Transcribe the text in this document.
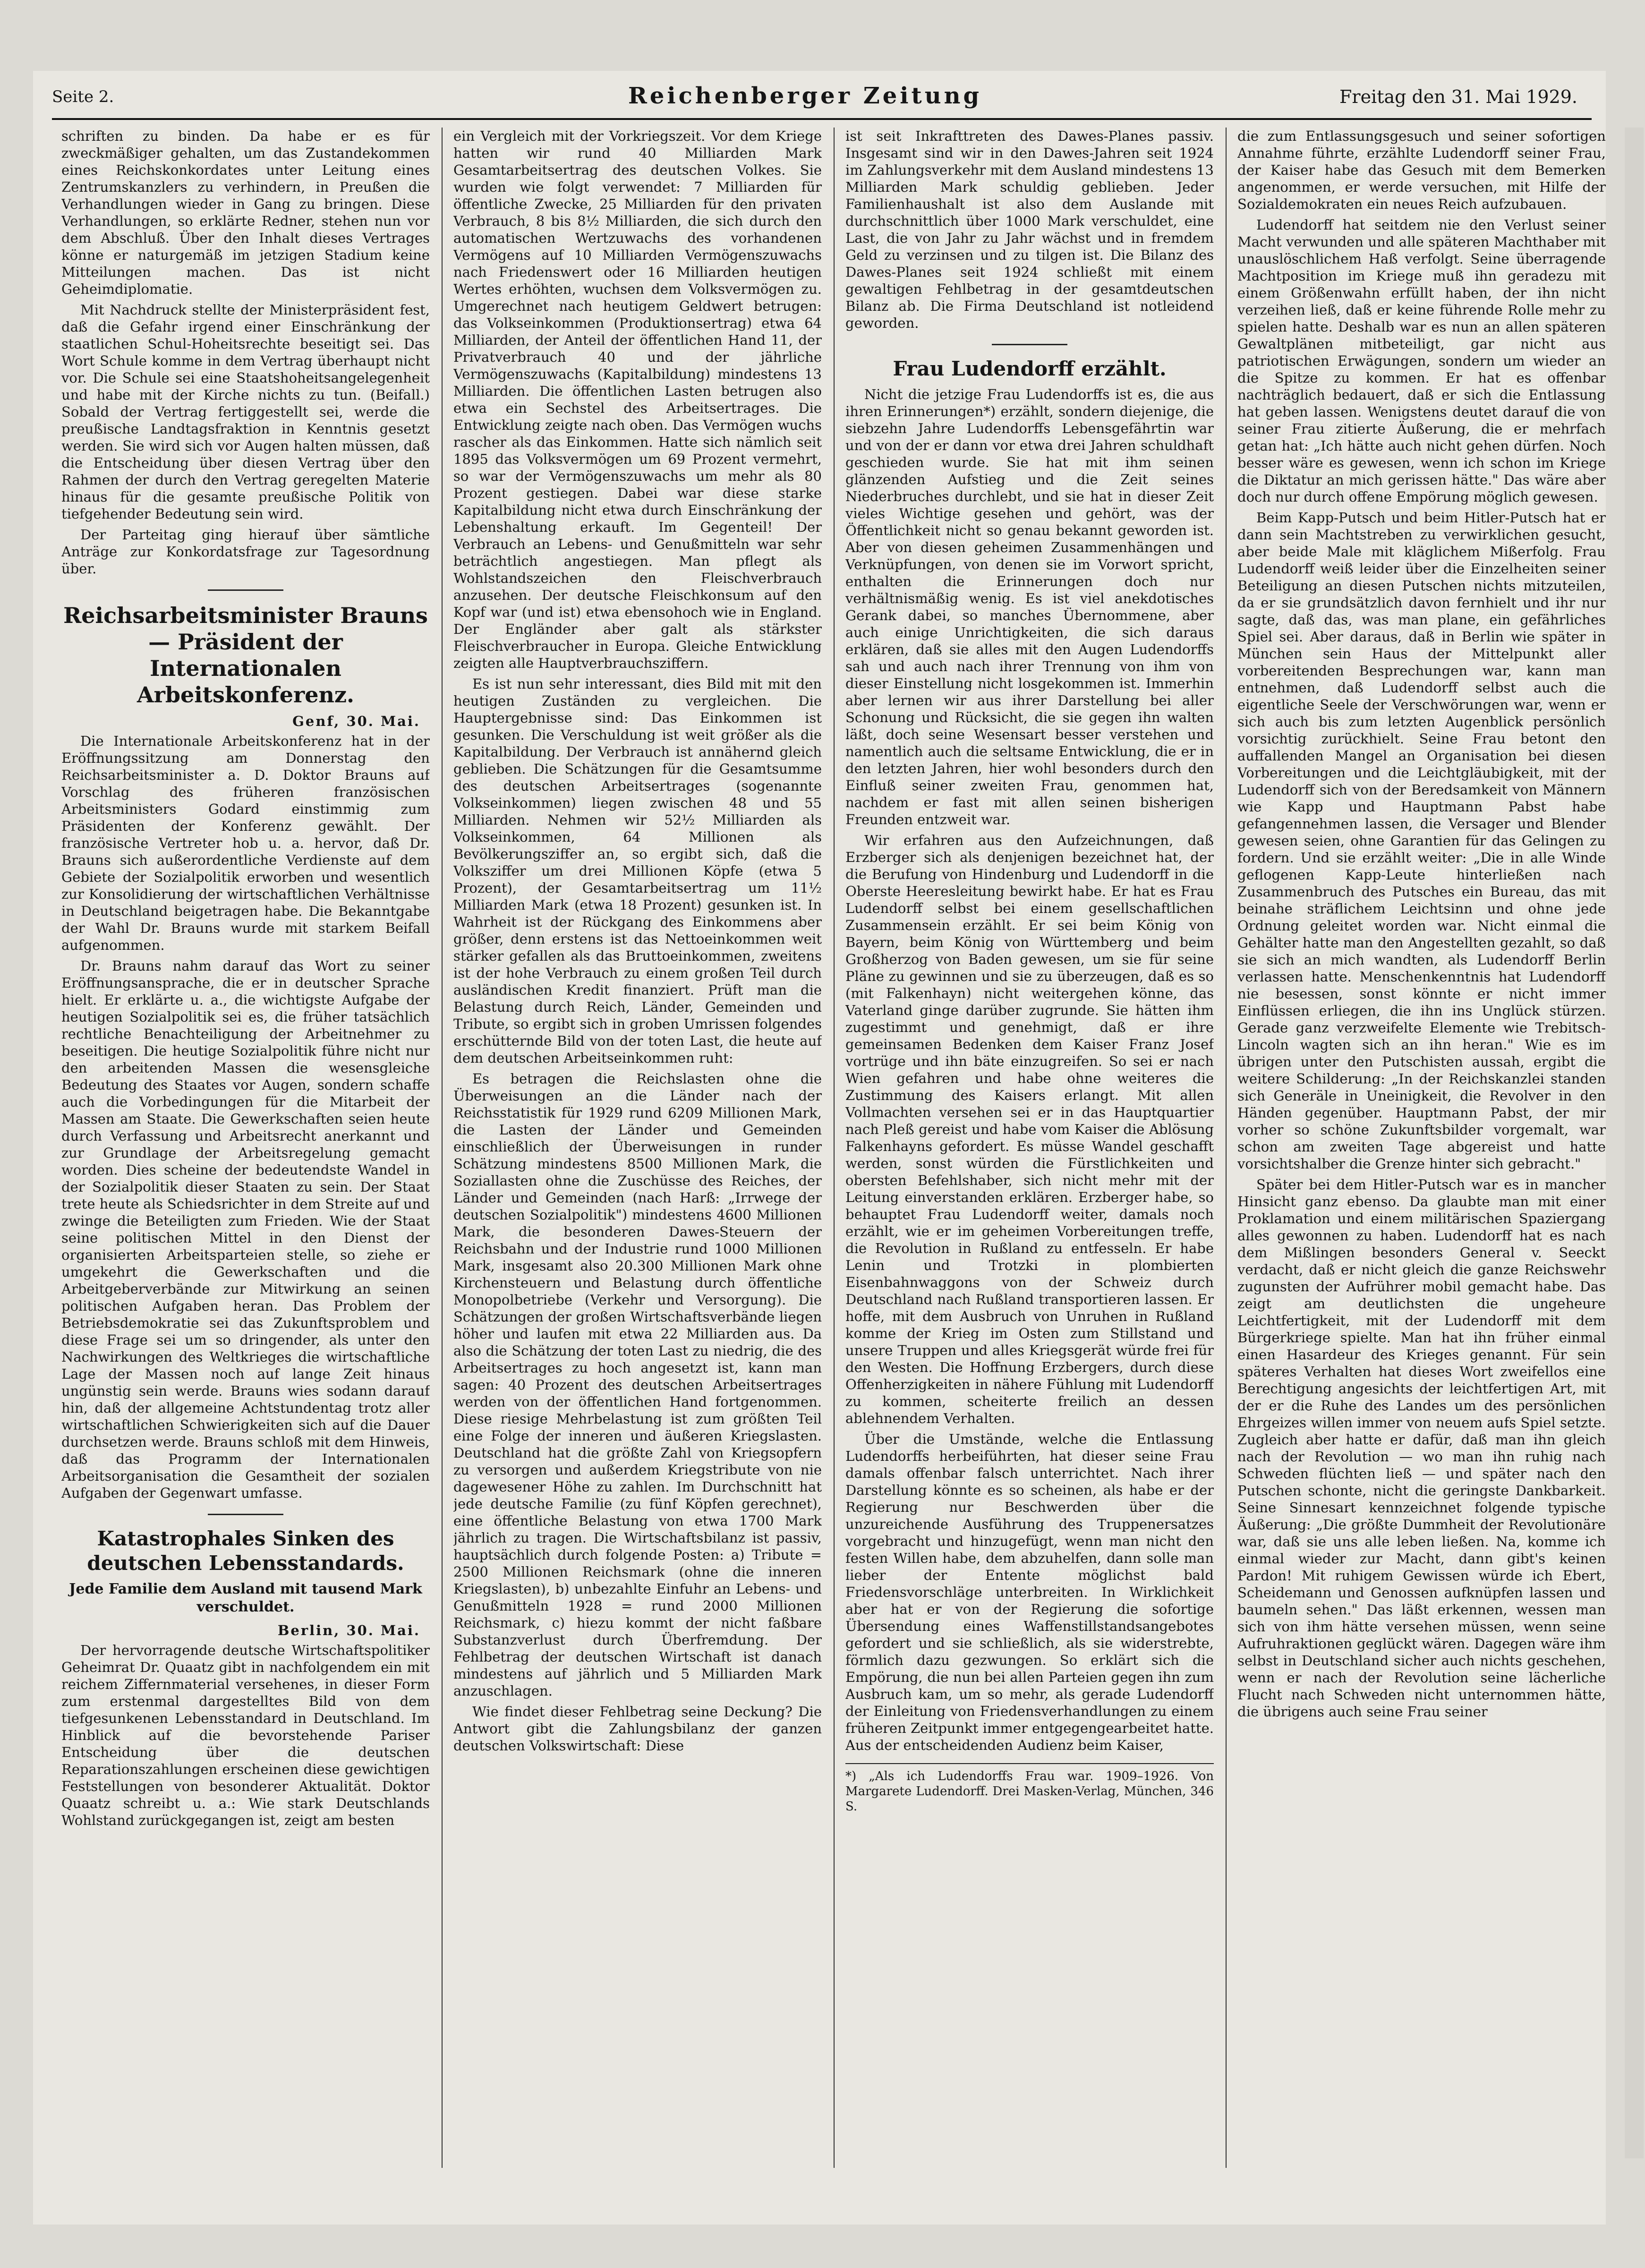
Seite 2.	Reichenberger Zeitung	Freitag den 31. Mai 1929.

schriften zu binden. Da habe er es für zweckmäßiger gehalten, um das Zustandekommen eines Reichskonkordates unter Leitung eines Zentrumskanzlers zu verhindern, in Preußen die Verhandlungen wieder in Gang zu bringen. Diese Verhandlungen, so erklärte Redner, stehen nun vor dem Abschluß. Über den Inhalt dieses Vertrages könne er naturgemäß im jetzigen Stadium keine Mitteilungen machen. Das ist nicht Geheimdiplomatie.

Mit Nachdruck stellte der Ministerpräsident fest, daß die Gefahr irgend einer Einschränkung der staatlichen Schul-Hoheitsrechte beseitigt sei. Das Wort Schule komme in dem Vertrag überhaupt nicht vor. Die Schule sei eine Staatshoheitsangelegenheit und habe mit der Kirche nichts zu tun. (Beifall.) Sobald der Vertrag fertiggestellt sei, werde die preußische Landtagsfraktion in Kenntnis gesetzt werden. Sie wird sich vor Augen halten müssen, daß die Entscheidung über diesen Vertrag über den Rahmen der durch den Vertrag geregelten Materie hinaus für die gesamte preußische Politik von tiefgehender Bedeutung sein wird.

Der Parteitag ging hierauf über sämtliche Anträge zur Konkordatsfrage zur Tagesordnung über.

Reichsarbeitsminister Brauns — Präsident der Internationalen Arbeitskonferenz.
Genf, 30. Mai.

Die Internationale Arbeitskonferenz hat in der Eröffnungssitzung am Donnerstag den Reichsarbeitsminister a. D. Doktor Brauns auf Vorschlag des früheren französischen Arbeitsministers Godard einstimmig zum Präsidenten der Konferenz gewählt. Der französische Vertreter hob u. a. hervor, daß Dr. Brauns sich außerordentliche Verdienste auf dem Gebiete der Sozialpolitik erworben und wesentlich zur Konsolidierung der wirtschaftlichen Verhältnisse in Deutschland beigetragen habe. Die Bekanntgabe der Wahl Dr. Brauns wurde mit starkem Beifall aufgenommen.

Dr. Brauns nahm darauf das Wort zu seiner Eröffnungsansprache, die er in deutscher Sprache hielt. Er erklärte u. a., die wichtigste Aufgabe der heutigen Sozialpolitik sei es, die früher tatsächlich rechtliche Benachteiligung der Arbeitnehmer zu beseitigen. Die heutige Sozialpolitik führe nicht nur den arbeitenden Massen die wesensgleiche Bedeutung des Staates vor Augen, sondern schaffe auch die Vorbedingungen für die Mitarbeit der Massen am Staate. Die Gewerkschaften seien heute durch Verfassung und Arbeitsrecht anerkannt und zur Grundlage der Arbeitsregelung gemacht worden. Dies scheine der bedeutendste Wandel in der Sozialpolitik dieser Staaten zu sein. Der Staat trete heute als Schiedsrichter in dem Streite auf und zwinge die Beteiligten zum Frieden. Wie der Staat seine politischen Mittel in den Dienst der organisierten Arbeitsparteien stelle, so ziehe er umgekehrt die Gewerkschaften und die Arbeitgeberverbände zur Mitwirkung an seinen politischen Aufgaben heran. Das Problem der Betriebsdemokratie sei das Zukunftsproblem und diese Frage sei um so dringender, als unter den Nachwirkungen des Weltkrieges die wirtschaftliche Lage der Massen noch auf lange Zeit hinaus ungünstig sein werde. Brauns wies sodann darauf hin, daß der allgemeine Achtstundentag trotz aller wirtschaftlichen Schwierigkeiten sich auf die Dauer durchsetzen werde. Brauns schloß mit dem Hinweis, daß das Programm der Internationalen Arbeitsorganisation die Gesamtheit der sozialen Aufgaben der Gegenwart umfasse.

Katastrophales Sinken des deutschen Lebensstandards.
Jede Familie dem Ausland mit tausend Mark verschuldet.
Berlin, 30. Mai.

Der hervorragende deutsche Wirtschaftspolitiker Geheimrat Dr. Quaatz gibt in nachfolgendem ein mit reichem Ziffernmaterial versehenes, in dieser Form zum erstenmal dargestelltes Bild von dem tiefgesunkenen Lebensstandard in Deutschland. Im Hinblick auf die bevorstehende Pariser Entscheidung über die deutschen Reparationszahlungen erscheinen diese gewichtigen Feststellungen von besonderer Aktualität. Doktor Quaatz schreibt u. a.: Wie stark Deutschlands Wohlstand zurückgegangen ist, zeigt am besten

ein Vergleich mit der Vorkriegszeit. Vor dem Kriege hatten wir rund 40 Milliarden Mark Gesamtarbeitsertrag des deutschen Volkes. Sie wurden wie folgt verwendet: 7 Milliarden für öffentliche Zwecke, 25 Milliarden für den privaten Verbrauch, 8 bis 8½ Milliarden, die sich durch den automatischen Wertzuwachs des vorhandenen Vermögens auf 10 Milliarden Vermögenszuwachs nach Friedenswert oder 16 Milliarden heutigen Wertes erhöhten, wuchsen dem Volksvermögen zu. Umgerechnet nach heutigem Geldwert betrugen: das Volkseinkommen (Produktionsertrag) etwa 64 Milliarden, der Anteil der öffentlichen Hand 11, der Privatverbrauch 40 und der jährliche Vermögenszuwachs (Kapitalbildung) mindestens 13 Milliarden. Die öffentlichen Lasten betrugen also etwa ein Sechstel des Arbeitsertrages. Die Entwicklung zeigte nach oben. Das Vermögen wuchs rascher als das Einkommen. Hatte sich nämlich seit 1895 das Volksvermögen um 69 Prozent vermehrt, so war der Vermögenszuwachs um mehr als 80 Prozent gestiegen. Dabei war diese starke Kapitalbildung nicht etwa durch Einschränkung der Lebenshaltung erkauft. Im Gegenteil! Der Verbrauch an Lebens- und Genußmitteln war sehr beträchtlich angestiegen. Man pflegt als Wohlstandszeichen den Fleischverbrauch anzusehen. Der deutsche Fleischkonsum auf den Kopf war (und ist) etwa ebensohoch wie in England. Der Engländer aber galt als stärkster Fleischverbraucher in Europa. Gleiche Entwicklung zeigten alle Hauptverbrauchsziffern.

Es ist nun sehr interessant, dies Bild mit mit den heutigen Zuständen zu vergleichen. Die Hauptergebnisse sind: Das Einkommen ist gesunken. Die Verschuldung ist weit größer als die Kapitalbildung. Der Verbrauch ist annähernd gleich geblieben. Die Schätzungen für die Gesamtsumme des deutschen Arbeitsertrages (sogenannte Volkseinkommen) liegen zwischen 48 und 55 Milliarden. Nehmen wir 52½ Milliarden als Volkseinkommen, 64 Millionen als Bevölkerungsziffer an, so ergibt sich, daß die Volksziffer um drei Millionen Köpfe (etwa 5 Prozent), der Gesamtarbeitsertrag um 11½ Milliarden Mark (etwa 18 Prozent) gesunken ist. In Wahrheit ist der Rückgang des Einkommens aber größer, denn erstens ist das Nettoeinkommen weit stärker gefallen als das Bruttoeinkommen, zweitens ist der hohe Verbrauch zu einem großen Teil durch ausländischen Kredit finanziert. Prüft man die Belastung durch Reich, Länder, Gemeinden und Tribute, so ergibt sich in groben Umrissen folgendes erschütternde Bild von der toten Last, die heute auf dem deutschen Arbeitseinkommen ruht:

Es betragen die Reichslasten ohne die Überweisungen an die Länder nach der Reichsstatistik für 1929 rund 6209 Millionen Mark, die Lasten der Länder und Gemeinden einschließlich der Überweisungen in runder Schätzung mindestens 8500 Millionen Mark, die Soziallasten ohne die Zuschüsse des Reiches, der Länder und Gemeinden (nach Harß: „Irrwege der deutschen Sozialpolitik") mindestens 4600 Millionen Mark, die besonderen Dawes-Steuern der Reichsbahn und der Industrie rund 1000 Millionen Mark, insgesamt also 20.300 Millionen Mark ohne Kirchensteuern und Belastung durch öffentliche Monopolbetriebe (Verkehr und Versorgung). Die Schätzungen der großen Wirtschaftsverbände liegen höher und laufen mit etwa 22 Milliarden aus. Da also die Schätzung der toten Last zu niedrig, die des Arbeitsertrages zu hoch angesetzt ist, kann man sagen: 40 Prozent des deutschen Arbeitsertrages werden von der öffentlichen Hand fortgenommen. Diese riesige Mehrbelastung ist zum größten Teil eine Folge der inneren und äußeren Kriegslasten. Deutschland hat die größte Zahl von Kriegsopfern zu versorgen und außerdem Kriegstribute von nie dagewesener Höhe zu zahlen. Im Durchschnitt hat jede deutsche Familie (zu fünf Köpfen gerechnet), eine öffentliche Belastung von etwa 1700 Mark jährlich zu tragen. Die Wirtschaftsbilanz ist passiv, hauptsächlich durch folgende Posten: a) Tribute = 2500 Millionen Reichsmark (ohne die inneren Kriegslasten), b) unbezahlte Einfuhr an Lebens- und Genußmitteln 1928 = rund 2000 Millionen Reichsmark, c) hiezu kommt der nicht faßbare Substanzverlust durch Überfremdung. Der Fehlbetrag der deutschen Wirtschaft ist danach mindestens auf jährlich und 5 Milliarden Mark anzuschlagen.

Wie findet dieser Fehlbetrag seine Deckung? Die Antwort gibt die Zahlungsbilanz der ganzen deutschen Volkswirtschaft: Diese

ist seit Inkrafttreten des Dawes-Planes passiv. Insgesamt sind wir in den Dawes-Jahren seit 1924 im Zahlungsverkehr mit dem Ausland mindestens 13 Milliarden Mark schuldig geblieben. Jeder Familienhaushalt ist also dem Auslande mit durchschnittlich über 1000 Mark verschuldet, eine Last, die von Jahr zu Jahr wächst und in fremdem Geld zu verzinsen und zu tilgen ist. Die Bilanz des Dawes-Planes seit 1924 schließt mit einem gewaltigen Fehlbetrag in der gesamtdeutschen Bilanz ab. Die Firma Deutschland ist notleidend geworden.

Frau Ludendorff erzählt.

Nicht die jetzige Frau Ludendorffs ist es, die aus ihren Erinnerungen*) erzählt, sondern diejenige, die siebzehn Jahre Ludendorffs Lebensgefährtin war und von der er dann vor etwa drei Jahren schuldhaft geschieden wurde. Sie hat mit ihm seinen glänzenden Aufstieg und die Zeit seines Niederbruches durchlebt, und sie hat in dieser Zeit vieles Wichtige gesehen und gehört, was der Öffentlichkeit nicht so genau bekannt geworden ist. Aber von diesen geheimen Zusammenhängen und Verknüpfungen, von denen sie im Vorwort spricht, enthalten die Erinnerungen doch nur verhältnismäßig wenig. Es ist viel anekdotisches Gerank dabei, so manches Übernommene, aber auch einige Unrichtigkeiten, die sich daraus erklären, daß sie alles mit den Augen Ludendorffs sah und auch nach ihrer Trennung von ihm von dieser Einstellung nicht losgekommen ist. Immerhin aber lernen wir aus ihrer Darstellung bei aller Schonung und Rücksicht, die sie gegen ihn walten läßt, doch seine Wesensart besser verstehen und namentlich auch die seltsame Entwicklung, die er in den letzten Jahren, hier wohl besonders durch den Einfluß seiner zweiten Frau, genommen hat, nachdem er fast mit allen seinen bisherigen Freunden entzweit war.

Wir erfahren aus den Aufzeichnungen, daß Erzberger sich als denjenigen bezeichnet hat, der die Berufung von Hindenburg und Ludendorff in die Oberste Heeresleitung bewirkt habe. Er hat es Frau Ludendorff selbst bei einem gesellschaftlichen Zusammensein erzählt. Er sei beim König von Bayern, beim König von Württemberg und beim Großherzog von Baden gewesen, um sie für seine Pläne zu gewinnen und sie zu überzeugen, daß es so (mit Falkenhayn) nicht weitergehen könne, das Vaterland ginge darüber zugrunde. Sie hätten ihm zugestimmt und genehmigt, daß er ihre gemeinsamen Bedenken dem Kaiser Franz Josef vortrüge und ihn bäte einzugreifen. So sei er nach Wien gefahren und habe ohne weiteres die Zustimmung des Kaisers erlangt. Mit allen Vollmachten versehen sei er in das Hauptquartier nach Pleß gereist und habe vom Kaiser die Ablösung Falkenhayns gefordert. Es müsse Wandel geschafft werden, sonst würden die Fürstlichkeiten und obersten Befehlshaber, sich nicht mehr mit der Leitung einverstanden erklären. Erzberger habe, so behauptet Frau Ludendorff weiter, damals noch erzählt, wie er im geheimen Vorbereitungen treffe, die Revolution in Rußland zu entfesseln. Er habe Lenin und Trotzki in plombierten Eisenbahnwaggons von der Schweiz durch Deutschland nach Rußland transportieren lassen. Er hoffe, mit dem Ausbruch von Unruhen in Rußland komme der Krieg im Osten zum Stillstand und unsere Truppen und alles Kriegsgerät würde frei für den Westen. Die Hoffnung Erzbergers, durch diese Offenherzigkeiten in nähere Fühlung mit Ludendorff zu kommen, scheiterte freilich an dessen ablehnendem Verhalten.

Über die Umstände, welche die Entlassung Ludendorffs herbeiführten, hat dieser seine Frau damals offenbar falsch unterrichtet. Nach ihrer Darstellung könnte es so scheinen, als habe er der Regierung nur Beschwerden über die unzureichende Ausführung des Truppenersatzes vorgebracht und hinzugefügt, wenn man nicht den festen Willen habe, dem abzuhelfen, dann solle man lieber der Entente möglichst bald Friedensvorschläge unterbreiten. In Wirklichkeit aber hat er von der Regierung die sofortige Übersendung eines Waffenstillstandsangebotes gefordert und sie schließlich, als sie widerstrebte, förmlich dazu gezwungen. So erklärt sich die Empörung, die nun bei allen Parteien gegen ihn zum Ausbruch kam, um so mehr, als gerade Ludendorff der Einleitung von Friedensverhandlungen zu einem früheren Zeitpunkt immer entgegengearbeitet hatte. Aus der entscheidenden Audienz beim Kaiser,

*) „Als ich Ludendorffs Frau war. 1909–1926. Von Margarete Ludendorff. Drei Masken-Verlag, München, 346 S.

die zum Entlassungsgesuch und seiner sofortigen Annahme führte, erzählte Ludendorff seiner Frau, der Kaiser habe das Gesuch mit dem Bemerken angenommen, er werde versuchen, mit Hilfe der Sozialdemokraten ein neues Reich aufzubauen.

Ludendorff hat seitdem nie den Verlust seiner Macht verwunden und alle späteren Machthaber mit unauslöschlichem Haß verfolgt. Seine überragende Machtposition im Kriege muß ihn geradezu mit einem Größenwahn erfüllt haben, der ihn nicht verzeihen ließ, daß er keine führende Rolle mehr zu spielen hatte. Deshalb war es nun an allen späteren Gewaltplänen mitbeteiligt, gar nicht aus patriotischen Erwägungen, sondern um wieder an die Spitze zu kommen. Er hat es offenbar nachträglich bedauert, daß er sich die Entlassung hat geben lassen. Wenigstens deutet darauf die von seiner Frau zitierte Äußerung, die er mehrfach getan hat: „Ich hätte auch nicht gehen dürfen. Noch besser wäre es gewesen, wenn ich schon im Kriege die Diktatur an mich gerissen hätte." Das wäre aber doch nur durch offene Empörung möglich gewesen.

Beim Kapp-Putsch und beim Hitler-Putsch hat er dann sein Machtstreben zu verwirklichen gesucht, aber beide Male mit kläglichem Mißerfolg. Frau Ludendorff weiß leider über die Einzelheiten seiner Beteiligung an diesen Putschen nichts mitzuteilen, da er sie grundsätzlich davon fernhielt und ihr nur sagte, daß das, was man plane, ein gefährliches Spiel sei. Aber daraus, daß in Berlin wie später in München sein Haus der Mittelpunkt aller vorbereitenden Besprechungen war, kann man entnehmen, daß Ludendorff selbst auch die eigentliche Seele der Verschwörungen war, wenn er sich auch bis zum letzten Augenblick persönlich vorsichtig zurückhielt. Seine Frau betont den auffallenden Mangel an Organisation bei diesen Vorbereitungen und die Leichtgläubigkeit, mit der Ludendorff sich von der Beredsamkeit von Männern wie Kapp und Hauptmann Pabst habe gefangennehmen lassen, die Versager und Blender gewesen seien, ohne Garantien für das Gelingen zu fordern. Und sie erzählt weiter: „Die in alle Winde geflogenen Kapp-Leute hinterließen nach Zusammenbruch des Putsches ein Bureau, das mit beinahe sträflichem Leichtsinn und ohne jede Ordnung geleitet worden war. Nicht einmal die Gehälter hatte man den Angestellten gezahlt, so daß sie sich an mich wandten, als Ludendorff Berlin verlassen hatte. Menschenkenntnis hat Ludendorff nie besessen, sonst könnte er nicht immer Einflüssen erliegen, die ihn ins Unglück stürzen. Gerade ganz verzweifelte Elemente wie Trebitsch-Lincoln wagten sich an ihn heran." Wie es im übrigen unter den Putschisten aussah, ergibt die weitere Schilderung: „In der Reichskanzlei standen sich Generäle in Uneinigkeit, die Revolver in den Händen gegenüber. Hauptmann Pabst, der mir vorher so schöne Zukunftsbilder vorgemalt, war schon am zweiten Tage abgereist und hatte vorsichtshalber die Grenze hinter sich gebracht."

Später bei dem Hitler-Putsch war es in mancher Hinsicht ganz ebenso. Da glaubte man mit einer Proklamation und einem militärischen Spaziergang alles gewonnen zu haben. Ludendorff hat es nach dem Mißlingen besonders General v. Seeckt verdacht, daß er nicht gleich die ganze Reichswehr zugunsten der Aufrührer mobil gemacht habe. Das zeigt am deutlichsten die ungeheure Leichtfertigkeit, mit der Ludendorff mit dem Bürgerkriege spielte. Man hat ihn früher einmal einen Hasardeur des Krieges genannt. Für sein späteres Verhalten hat dieses Wort zweifellos eine Berechtigung angesichts der leichtfertigen Art, mit der er die Ruhe des Landes um des persönlichen Ehrgeizes willen immer von neuem aufs Spiel setzte. Zugleich aber hatte er dafür, daß man ihn gleich nach der Revolution — wo man ihn ruhig nach Schweden flüchten ließ — und später nach den Putschen schonte, nicht die geringste Dankbarkeit. Seine Sinnesart kennzeichnet folgende typische Äußerung: „Die größte Dummheit der Revolutionäre war, daß sie uns alle leben ließen. Na, komme ich einmal wieder zur Macht, dann gibt's keinen Pardon! Mit ruhigem Gewissen würde ich Ebert, Scheidemann und Genossen aufknüpfen lassen und baumeln sehen." Das läßt erkennen, wessen man sich von ihm hätte versehen müssen, wenn seine Aufruhraktionen geglückt wären. Dagegen wäre ihm selbst in Deutschland sicher auch nichts geschehen, wenn er nach der Revolution seine lächerliche Flucht nach Schweden nicht unternommen hätte, die übrigens auch seine Frau seiner
